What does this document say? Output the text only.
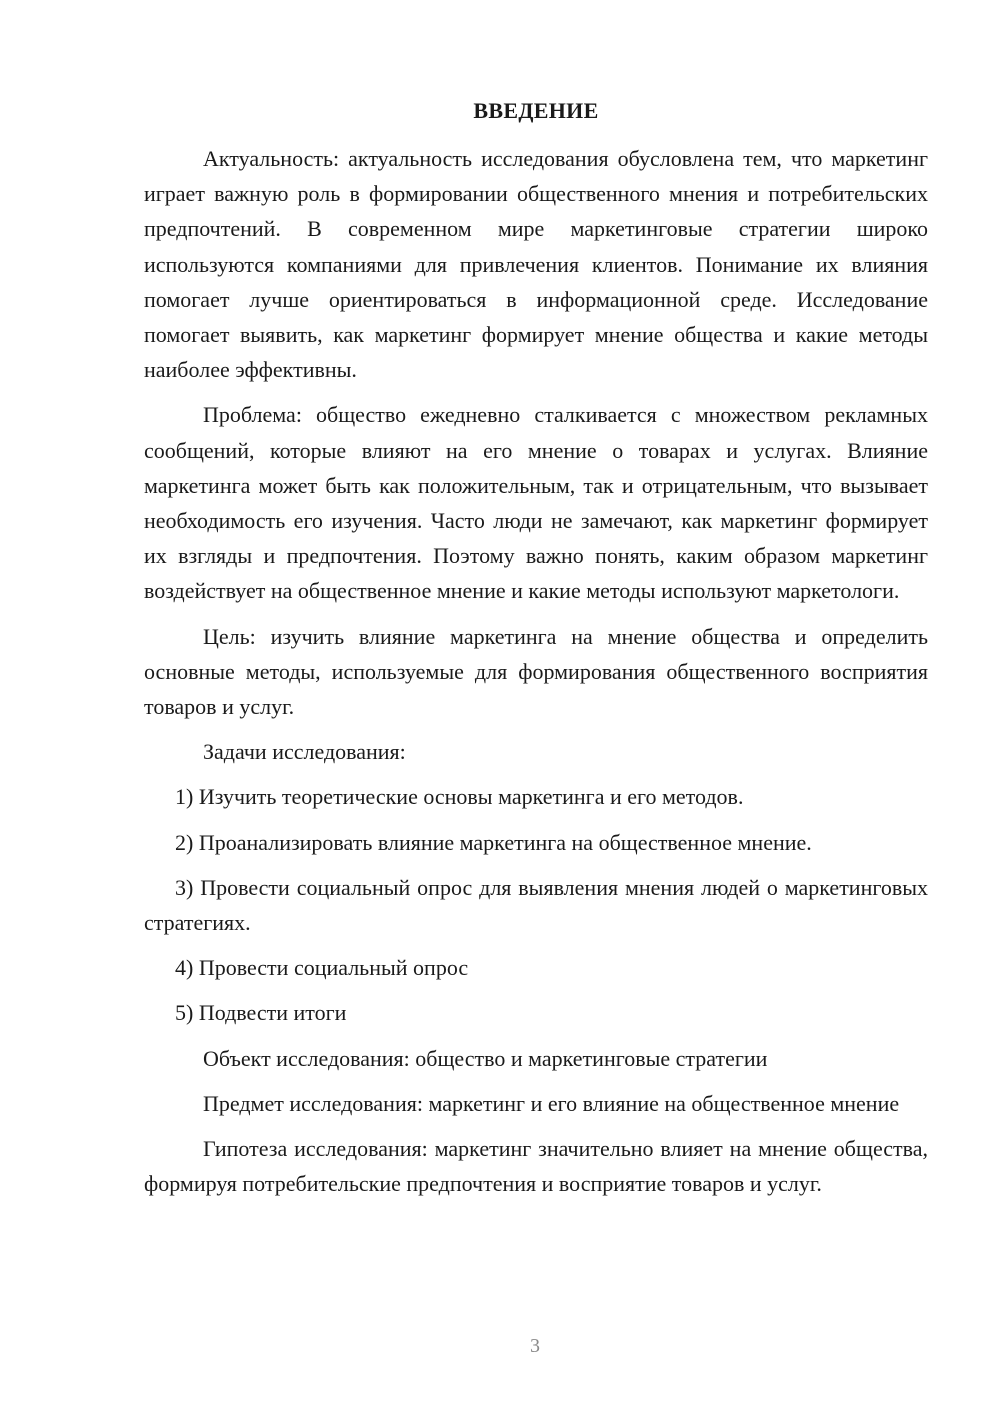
ВВЕДЕНИЕ

Актуальность: актуальность исследования обусловлена тем, что маркетинг играет важную роль в формировании общественного мнения и потребительских предпочтений. В современном мире маркетинговые стратегии широко используются компаниями для привлечения клиентов. Понимание их влияния помогает лучше ориентироваться в информационной среде. Исследование помогает выявить, как маркетинг формирует мнение общества и какие методы наиболее эффективны.

Проблема: общество ежедневно сталкивается с множеством рекламных сообщений, которые влияют на его мнение о товарах и услугах. Влияние маркетинга может быть как положительным, так и отрицательным, что вызывает необходимость его изучения. Часто люди не замечают, как маркетинг формирует их взгляды и предпочтения. Поэтому важно понять, каким образом маркетинг воздействует на общественное мнение и какие методы используют маркетологи.

Цель: изучить влияние маркетинга на мнение общества и определить основные методы, используемые для формирования общественного восприятия товаров и услуг.

Задачи исследования:

1) Изучить теоретические основы маркетинга и его методов.

2) Проанализировать влияние маркетинга на общественное мнение.

3) Провести социальный опрос для выявления мнения людей о маркетинговых стратегиях.

4) Провести социальный опрос

5) Подвести итоги

Объект исследования: общество и маркетинговые стратегии

Предмет исследования: маркетинг и его влияние на общественное мнение

Гипотеза исследования: маркетинг значительно влияет на мнение общества, формируя потребительские предпочтения и восприятие товаров и услуг.

3
